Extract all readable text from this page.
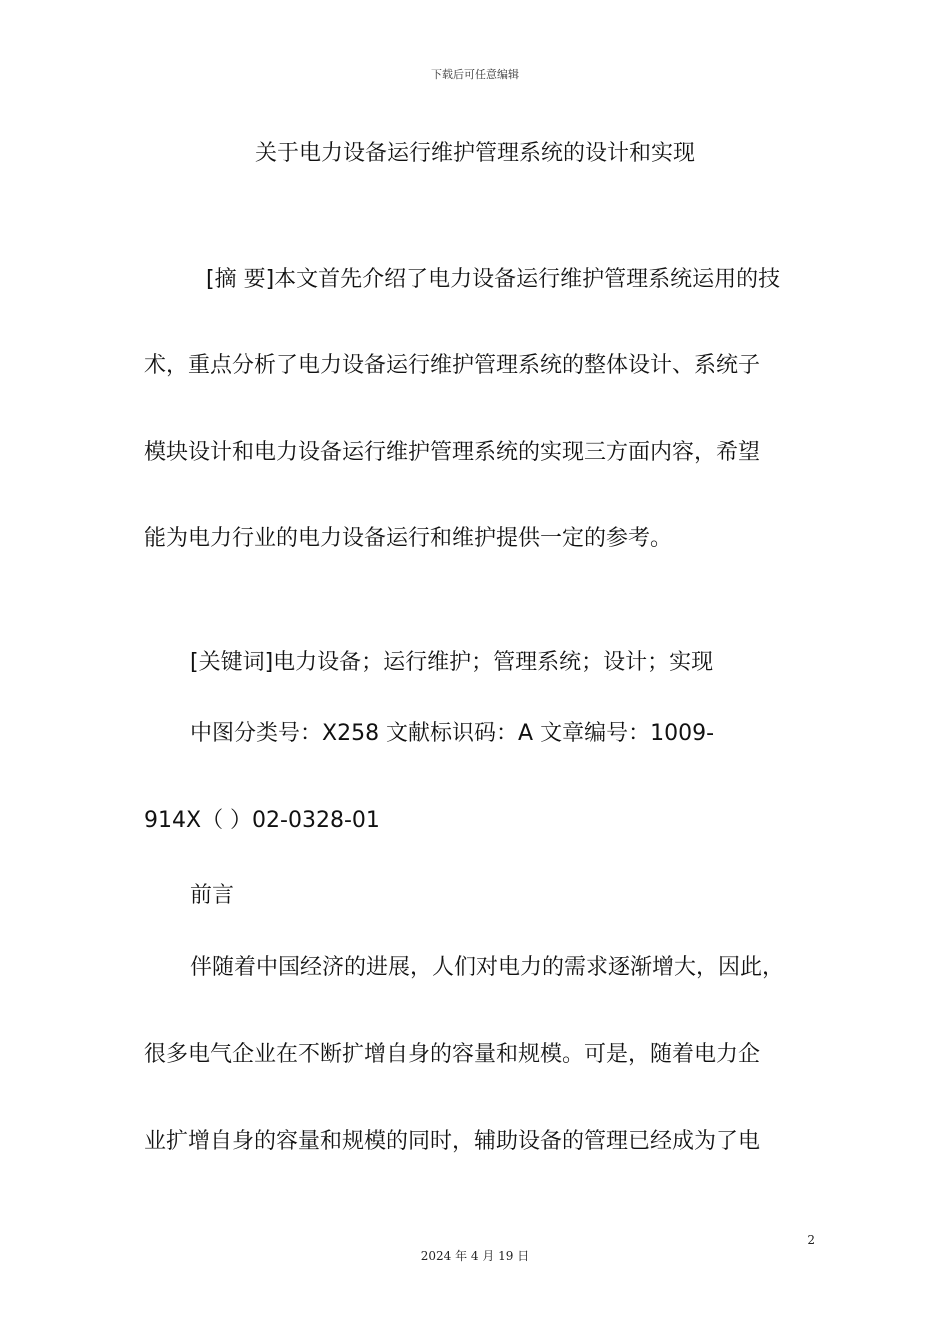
下载后可任意编辑
关于电力设备运行维护管理系统的设计和实现

[摘 要]本文首先介绍了电力设备运行维护管理系统运用的技

术，重点分析了电力设备运行维护管理系统的整体设计、系统子

模块设计和电力设备运行维护管理系统的实现三方面内容，希望

能为电力行业的电力设备运行和维护提供一定的参考。

[关键词]电力设备；运行维护；管理系统；设计；实现

中图分类号：X258 文献标识码：A 文章编号：1009-

914X（ ）02-0328-01

前言

伴随着中国经济的进展，人们对电力的需求逐渐增大，因此，

很多电气企业在不断扩增自身的容量和规模。可是，随着电力企

业扩增自身的容量和规模的同时，辅助设备的管理已经成为了电

2
2024 年 4 月 19 日
